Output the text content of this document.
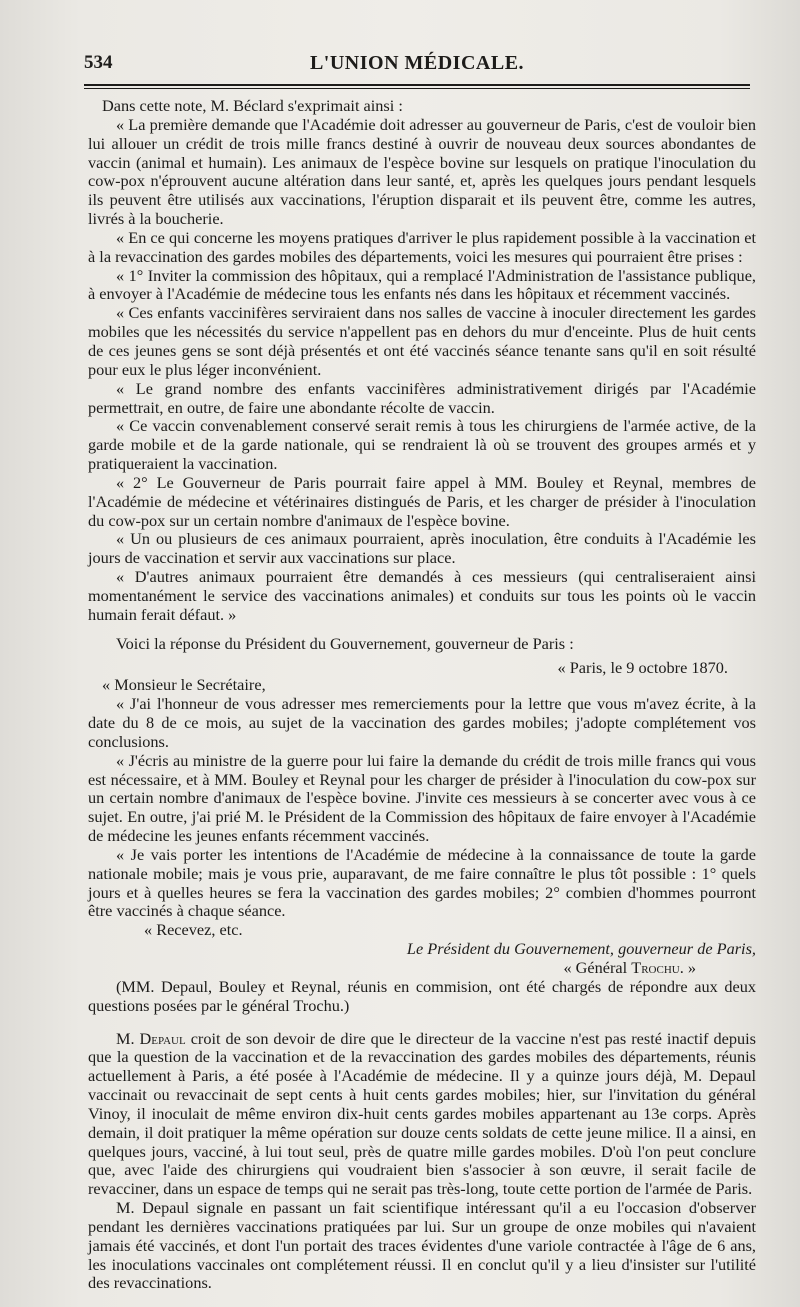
534	L'UNION MÉDICALE.

Dans cette note, M. Béclard s'exprimait ainsi :

« La première demande que l'Académie doit adresser au gouverneur de Paris, c'est de vouloir bien lui allouer un crédit de trois mille francs destiné à ouvrir de nouveau deux sources abondantes de vaccin (animal et humain). Les animaux de l'espèce bovine sur lesquels on pratique l'inoculation du cow-pox n'éprouvent aucune altération dans leur santé, et, après les quelques jours pendant lesquels ils peuvent être utilisés aux vaccinations, l'éruption disparait et ils peuvent être, comme les autres, livrés à la boucherie.

« En ce qui concerne les moyens pratiques d'arriver le plus rapidement possible à la vaccination et à la revaccination des gardes mobiles des départements, voici les mesures qui pourraient être prises :

« 1° Inviter la commission des hôpitaux, qui a remplacé l'Administration de l'assistance publique, à envoyer à l'Académie de médecine tous les enfants nés dans les hôpitaux et récemment vaccinés.

« Ces enfants vaccinifères serviraient dans nos salles de vaccine à inoculer directement les gardes mobiles que les nécessités du service n'appellent pas en dehors du mur d'enceinte. Plus de huit cents de ces jeunes gens se sont déjà présentés et ont été vaccinés séance tenante sans qu'il en soit résulté pour eux le plus léger inconvénient.

« Le grand nombre des enfants vaccinifères administrativement dirigés par l'Académie permettrait, en outre, de faire une abondante récolte de vaccin.

« Ce vaccin convenablement conservé serait remis à tous les chirurgiens de l'armée active, de la garde mobile et de la garde nationale, qui se rendraient là où se trouvent des groupes armés et y pratiqueraient la vaccination.

« 2° Le Gouverneur de Paris pourrait faire appel à MM. Bouley et Reynal, membres de l'Académie de médecine et vétérinaires distingués de Paris, et les charger de présider à l'inoculation du cow-pox sur un certain nombre d'animaux de l'espèce bovine.

« Un ou plusieurs de ces animaux pourraient, après inoculation, être conduits à l'Académie les jours de vaccination et servir aux vaccinations sur place.

« D'autres animaux pourraient être demandés à ces messieurs (qui centraliseraient ainsi momentanément le service des vaccinations animales) et conduits sur tous les points où le vaccin humain ferait défaut. »

Voici la réponse du Président du Gouvernement, gouverneur de Paris :

« Paris, le 9 octobre 1870.

« Monsieur le Secrétaire,

« J'ai l'honneur de vous adresser mes remerciements pour la lettre que vous m'avez écrite, à la date du 8 de ce mois, au sujet de la vaccination des gardes mobiles; j'adopte complétement vos conclusions.

« J'écris au ministre de la guerre pour lui faire la demande du crédit de trois mille francs qui vous est nécessaire, et à MM. Bouley et Reynal pour les charger de présider à l'inoculation du cow-pox sur un certain nombre d'animaux de l'espèce bovine. J'invite ces messieurs à se concerter avec vous à ce sujet. En outre, j'ai prié M. le Président de la Commission des hôpitaux de faire envoyer à l'Académie de médecine les jeunes enfants récemment vaccinés.

« Je vais porter les intentions de l'Académie de médecine à la connaissance de toute la garde nationale mobile; mais je vous prie, auparavant, de me faire connaître le plus tôt possible : 1° quels jours et à quelles heures se fera la vaccination des gardes mobiles; 2° combien d'hommes pourront être vaccinés à chaque séance.

« Recevez, etc.

Le Président du Gouvernement, gouverneur de Paris,

« Général Trochu. »

(MM. Depaul, Bouley et Reynal, réunis en commision, ont été chargés de répondre aux deux questions posées par le général Trochu.)

M. Depaul croit de son devoir de dire que le directeur de la vaccine n'est pas resté inactif depuis que la question de la vaccination et de la revaccination des gardes mobiles des départements, réunis actuellement à Paris, a été posée à l'Académie de médecine. Il y a quinze jours déjà, M. Depaul vaccinait ou revaccinait de sept cents à huit cents gardes mobiles; hier, sur l'invitation du général Vinoy, il inoculait de même environ dix-huit cents gardes mobiles appartenant au 13e corps. Après demain, il doit pratiquer la même opération sur douze cents soldats de cette jeune milice. Il a ainsi, en quelques jours, vacciné, à lui tout seul, près de quatre mille gardes mobiles. D'où l'on peut conclure que, avec l'aide des chirurgiens qui voudraient bien s'associer à son œuvre, il serait facile de revacciner, dans un espace de temps qui ne serait pas très-long, toute cette portion de l'armée de Paris.

M. Depaul signale en passant un fait scientifique intéressant qu'il a eu l'occasion d'observer pendant les dernières vaccinations pratiquées par lui. Sur un groupe de onze mobiles qui n'avaient jamais été vaccinés, et dont l'un portait des traces évidentes d'une variole contractée à l'âge de 6 ans, les inoculations vaccinales ont complétement réussi. Il en conclut qu'il y a lieu d'insister sur l'utilité des revaccinations.
